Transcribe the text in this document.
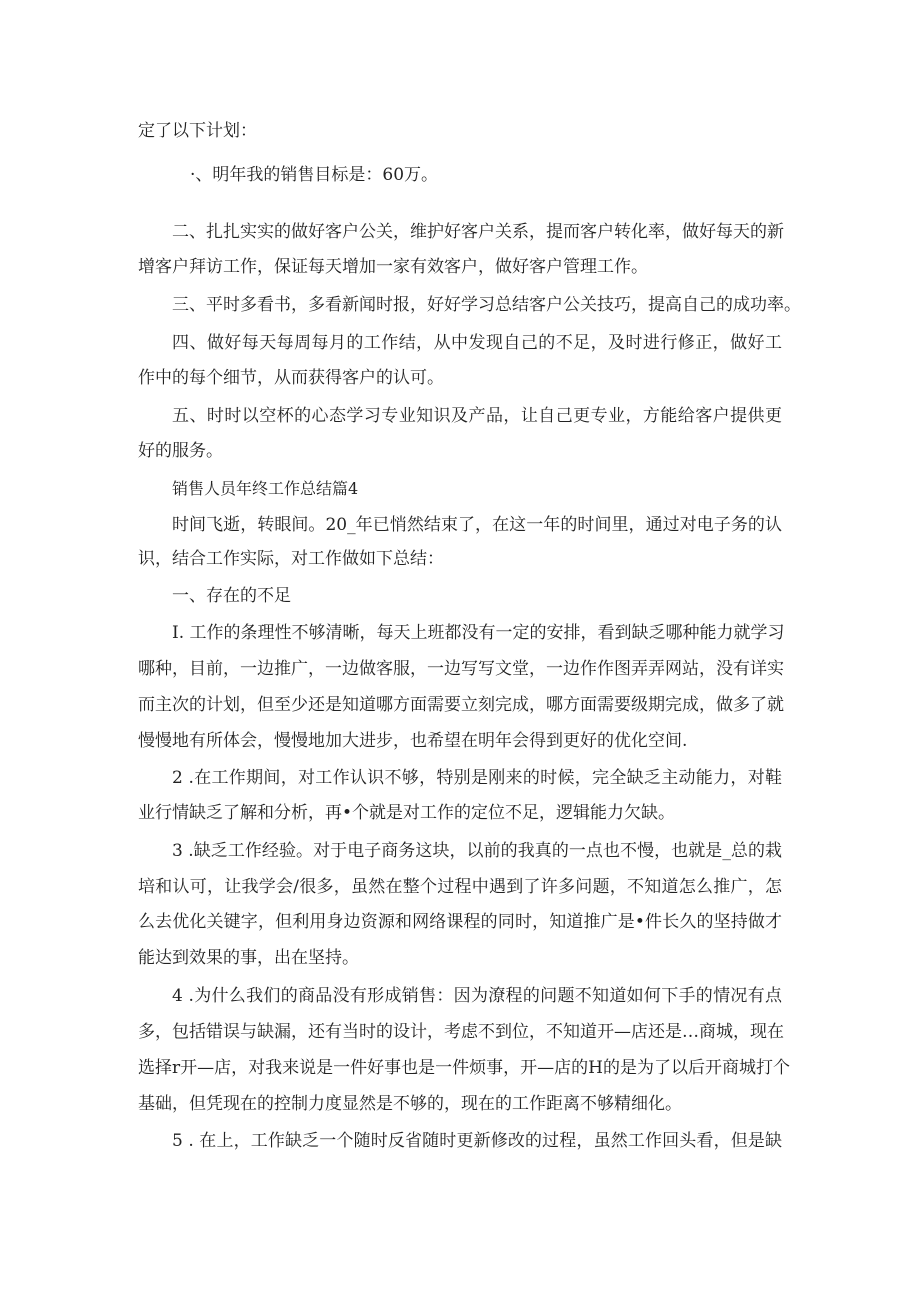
定了以下计划：
·、明年我的销售目标是：60万。
二、扎扎实实的做好客户公关，维护好客户关系，提而客户转化率，做好每天的新
增客户拜访工作，保证每天增加一家有效客户，做好客户管理工作。
三、平时多看书，多看新闻时报，好好学习总结客户公关技巧，提高自己的成功率。
四、做好每天每周每月的工作结，从中发现自己的不足，及时进行修正，做好工
作中的每个细节，从而获得客户的认可。
五、时时以空杯的心态学习专业知识及产品，让自己更专业，方能给客户提供更
好的服务。
销售人员年终工作总结篇4
时间飞逝，转眼间。20_年已悄然结束了，在这一年的时间里，通过对电子务的认
识，结合工作实际，对工作做如下总结：
一、存在的不足
I. 工作的条理性不够清晰，每天上班都没有一定的安排，看到缺乏哪种能力就学习
哪种，目前，一边推广，一边做客服，一边写写文堂，一边作作图弄弄网站，没有详实
而主次的计划，但至少还是知道哪方面需要立刻完成，哪方面需要级期完成，做多了就
慢慢地有所体会，慢慢地加大进步，也希望在明年会得到更好的优化空间.
2 .在工作期间，对工作认识不够，特别是刚来的时候，完全缺乏主动能力，对鞋
业行情缺乏了解和分析，再•个就是对工作的定位不足，逻辑能力欠缺。
3 .缺乏工作经验。对于电子商务这块，以前的我真的一点也不慢，也就是_总的栽
培和认可，让我学会/很多，虽然在整个过程中遇到了许多问题，不知道怎么推广，怎
么去优化关键字，但利用身边资源和网络课程的同时，知道推广是•件长久的坚持做才
能达到效果的事，出在坚持。
4 .为什么我们的商品没有形成销售：因为潦程的问题不知道如何下手的情况有点
多，包括错误与缺漏，还有当时的设计，考虑不到位，不知道开—店还是…商城，现在
选择r开—店，对我来说是一件好事也是一件烦事，开—店的H的是为了以后开商城打个
基础，但凭现在的控制力度显然是不够的，现在的工作距离不够精细化。
5 . 在上，工作缺乏一个随时反省随时更新修改的过程，虽然工作回头看，但是缺
